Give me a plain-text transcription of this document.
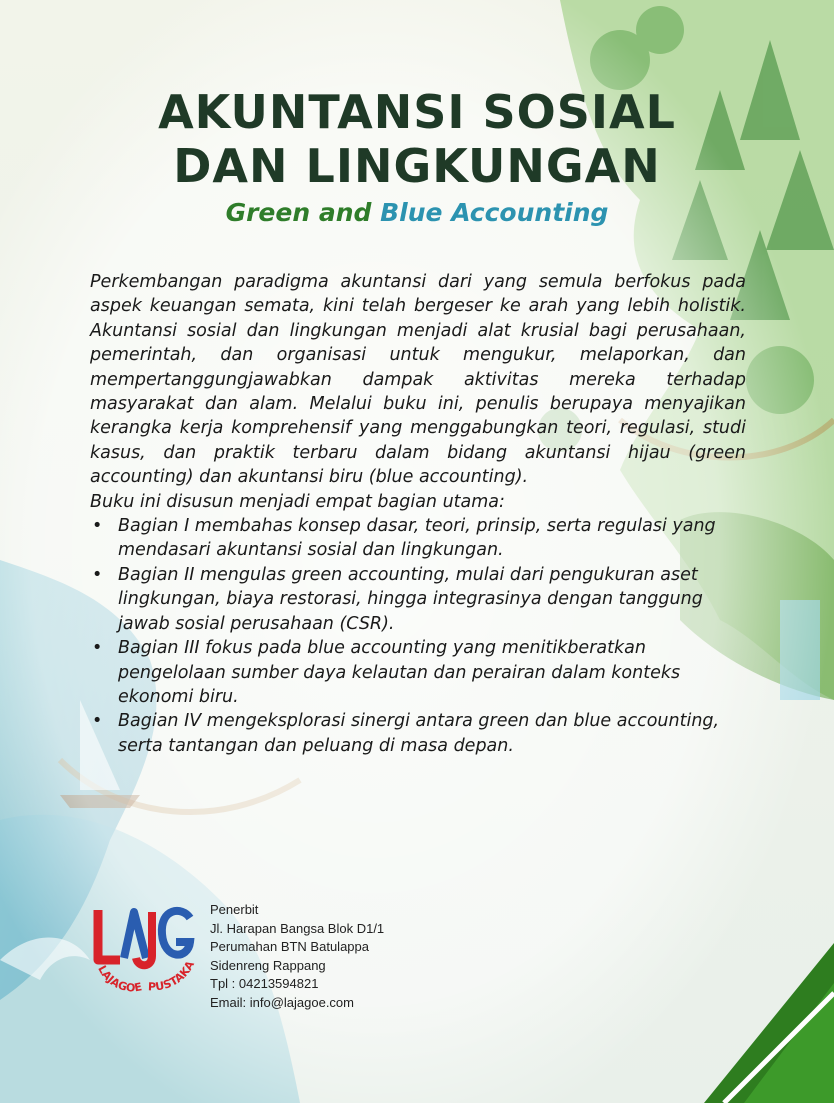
AKUNTANSI SOSIAL
DAN LINGKUNGAN
Green and Blue Accounting

Perkembangan paradigma akuntansi dari yang semula berfokus pada aspek keuangan semata, kini telah bergeser ke arah yang lebih holistik. Akuntansi sosial dan lingkungan menjadi alat krusial bagi perusahaan, pemerintah, dan organisasi untuk mengukur, melaporkan, dan mempertanggungjawabkan dampak aktivitas mereka terhadap masyarakat dan alam. Melalui buku ini, penulis berupaya menyajikan kerangka kerja komprehensif yang menggabungkan teori, regulasi, studi kasus, dan praktik terbaru dalam bidang akuntansi hijau (green accounting) dan akuntansi biru (blue accounting).

Buku ini disusun menjadi empat bagian utama:

• Bagian I membahas konsep dasar, teori, prinsip, serta regulasi yang mendasari akuntansi sosial dan lingkungan.
• Bagian II mengulas green accounting, mulai dari pengukuran aset lingkungan, biaya restorasi, hingga integrasinya dengan tanggung jawab sosial perusahaan (CSR).
• Bagian III fokus pada blue accounting yang menitikberatkan pengelolaan sumber daya kelautan dan perairan dalam konteks ekonomi biru.
• Bagian IV mengeksplorasi sinergi antara green dan blue accounting, serta tantangan dan peluang di masa depan.
LAJAGOE PUSTAKA
Penerbit
Jl. Harapan Bangsa Blok D1/1
Perumahan BTN Batulappa
Sidenreng Rappang
Tpl : 04213594821
Email: info@lajagoe.com
